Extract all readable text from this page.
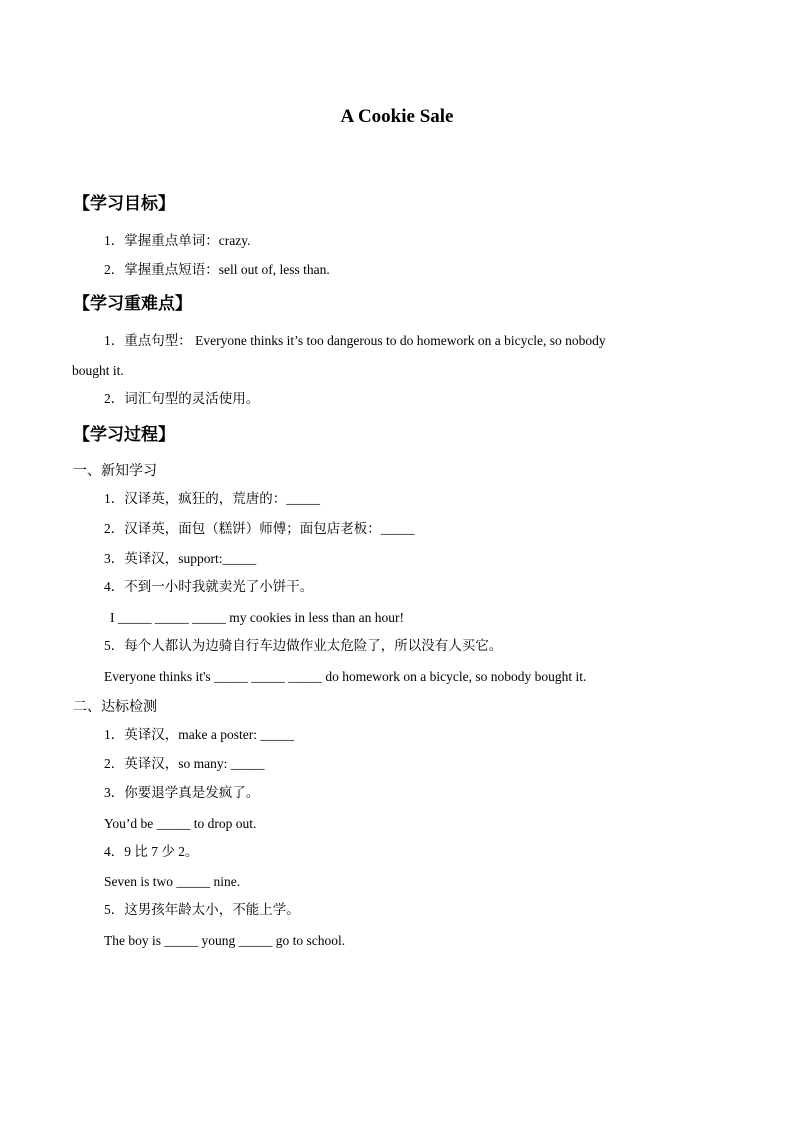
A Cookie Sale
【学习目标】
1．掌握重点单词：crazy.
2．掌握重点短语：sell out of, less than.
【学习重难点】
1．重点句型： Everyone thinks it’s too dangerous to do homework on a bicycle, so nobody
bought it.
2．词汇句型的灵活使用。
【学习过程】
一、新知学习
1．汉译英，疯狂的，荒唐的：_____
2．汉译英，面包（糕饼）师傅；面包店老板：_____
3．英译汉，support:_____
4．不到一小时我就卖光了小饼干。
I _____ _____ _____ my cookies in less than an hour!
5．每个人都认为边骑自行车边做作业太危险了，所以没有人买它。
Everyone thinks it's _____ _____ _____ do homework on a bicycle, so nobody bought it.
二、达标检测
1．英译汉，make a poster: _____
2．英译汉，so many: _____
3．你要退学真是发疯了。
You’d be _____ to drop out.
4．9 比 7 少 2。
Seven is two _____ nine.
5．这男孩年龄太小，不能上学。
The boy is _____ young _____ go to school.
